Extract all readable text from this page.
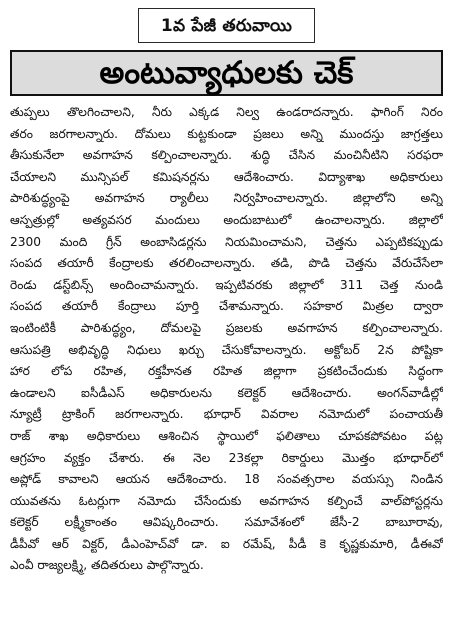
1వ పేజీ తరువాయి
అంటువ్యాధులకు చెక్
తుప్పలు తొలగించాలని, నీరు ఎక్కడ నిల్వ ఉండరాదన్నారు. ఫాగింగ్ నిరం
తరం జరగాలన్నారు. దోమలు కుట్టకుండా ప్రజలు అన్ని ముందస్తు జాగ్రత్తలు
తీసుకునేలా అవగాహన కల్పించాలన్నారు. శుద్ధి చేసిన మంచినీటిని సరఫరా
చేయాలని మున్సిపల్ కమిషనర్లను ఆదేశించారు. విద్యాశాఖ అధికారులు
పారిశుద్ధ్యంపై అవగాహన ర్యాలీలు నిర్వహించాలన్నారు. జిల్లాలోని అన్ని
ఆస్పత్రుల్లో అత్యవసర మందులు అందుబాటులో ఉంచాలన్నారు. జిల్లాలో
2300 మంది గ్రీన్ అంబాసిడర్లను నియమించామని, చెత్తను ఎప్పటికప్పుడు
సంపద తయారీ కేంద్రాలకు తరలించాలన్నారు. తడి, పొడి చెత్తను వేరుచేసేలా
రెండు డస్ట్‌బిన్స్ అందించామన్నారు. ఇప్పటివరకు జిల్లాలో 311 చెత్త నుండి
సంపద తయారీ కేంద్రాలు పూర్తి చేశామన్నారు. సహకార మిత్రల ద్వారా
ఇంటింటికీ పారిశుద్ధ్యం, దోమలపై ప్రజలకు అవగాహన కల్పించాలన్నారు.
ఆసుపత్రి అభివృద్ధి నిధులు ఖర్చు చేసుకోవాలన్నారు. అక్టోబర్ 2న పోష్టికా
హార లోప రహిత, రక్తహీనత రహిత జిల్లాగా ప్రకటించేందుకు సిద్ధంగా
ఉండాలని ఐసీడీఎస్ అధికారులను కలెక్టర్ ఆదేశించారు. అంగన్‌వాడీల్లో
న్యూట్రీ ట్రాకింగ్ జరగాలన్నారు. భూధార్ వివరాల నమోదులో పంచాయతీ
రాజ్ శాఖ అధికారులు ఆశించిన స్థాయిలో ఫలితాలు చూపకపోవటం పట్ల
ఆగ్రహం వ్యక్తం చేశారు. ఈ నెల 23కల్లా రికార్డులు మొత్తం భూధార్‌లో
అప్లోడ్ కావాలని ఆయన ఆదేశించారు. 18 సంవత్సరాల వయస్సు నిండిన
యువతను ఓటర్లుగా నమోదు చేసేందుకు అవగాహన కల్పించే వాల్‌పోస్టర్లను
కలెక్టర్ లక్ష్మీకాంతం ఆవిష్కరించారు. సమావేశంలో జేసీ-2 బాబూరావు,
డీపీవో ఆర్ విక్టర్, డీఎంహెచ్‌వో డా. ఐ రమేష్, పీడీ కె కృష్ణకుమారి, డీఈవో
ఎంవీ రాజ్యలక్ష్మి, తదితరులు పాల్గొన్నారు.
